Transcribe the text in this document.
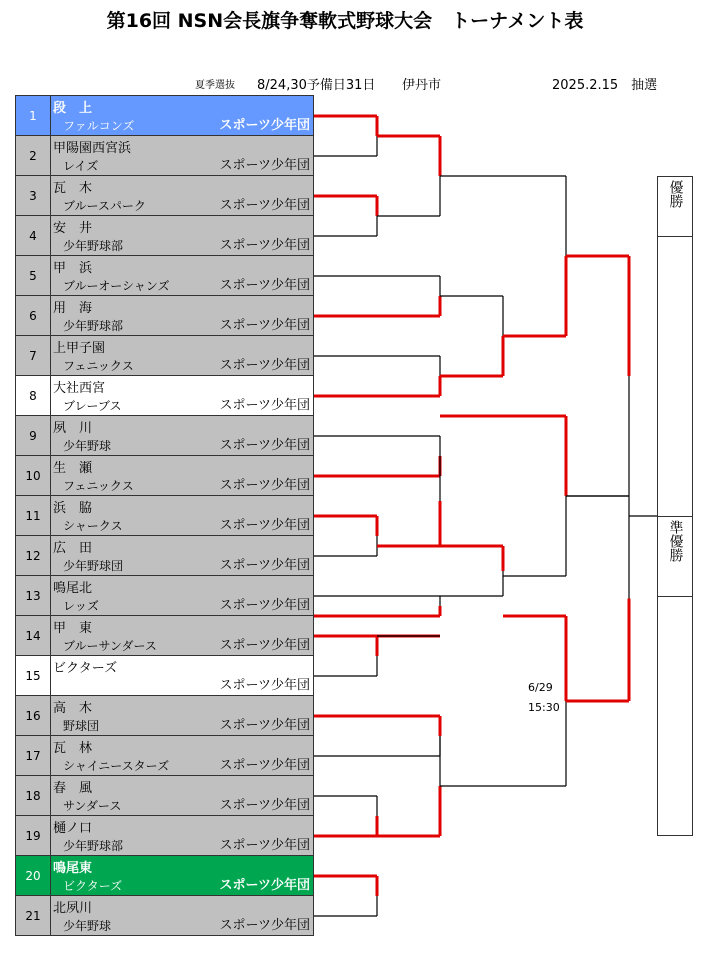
第16回 NSN会長旗争奪軟式野球大会　トーナメント表
夏季選抜 8/24,30予備日31日 伊丹市	2025.2.15　抽選
1	段　上
ファルコンズ	スポーツ少年団
2	甲陽園西宮浜
レイズ	スポーツ少年団
3	瓦　木
ブルースパーク	スポーツ少年団
4	安　井
少年野球部	スポーツ少年団
5	甲　浜
ブルーオーシャンズ	スポーツ少年団
6	用　海
少年野球部	スポーツ少年団
7	上甲子園
フェニックス	スポーツ少年団
8	大社西宮
ブレーブス	スポーツ少年団
9	夙　川
少年野球	スポーツ少年団
10 生　瀬
フェニックス	スポーツ少年団
11 浜　脇
シャークス	スポーツ少年団
12 広　田
少年野球団	スポーツ少年団
13 鳴尾北
レッズ	スポーツ少年団
14 甲　東
ブルーサンダース	スポーツ少年団
15 ビクターズ
スポーツ少年団
16 高　木
野球団	スポーツ少年団
17 瓦　林
シャイニースターズ	スポーツ少年団
18 春　風
サンダース	スポーツ少年団
19 樋ノ口
少年野球部	スポーツ少年団
20 鳴尾東
ビクターズ	スポーツ少年団
21 北夙川
少年野球	スポーツ少年団
優勝
準優勝
6/29
15:30
